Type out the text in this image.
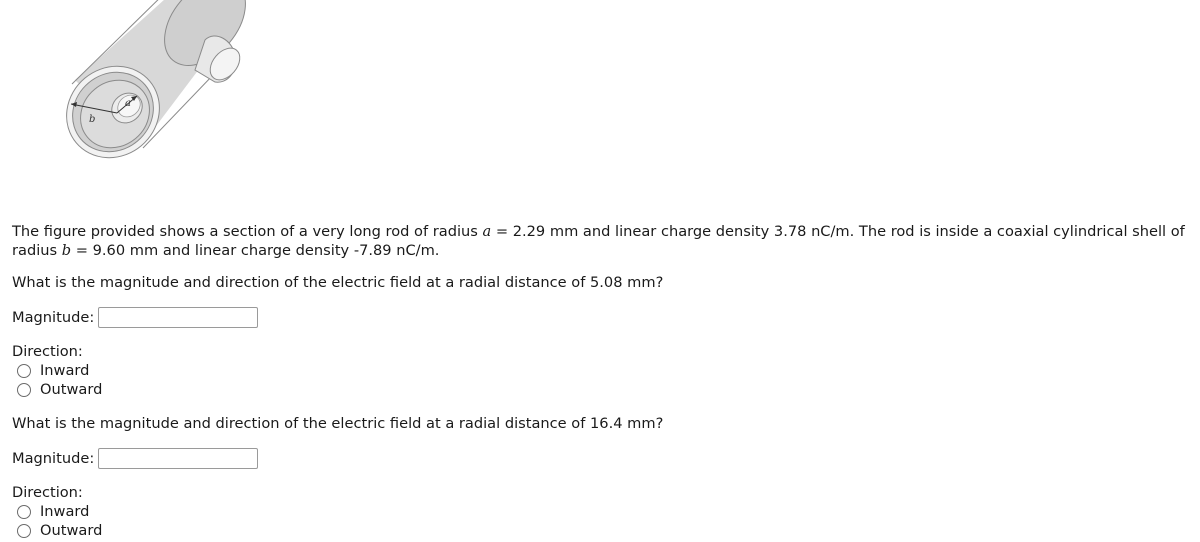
a
b

The figure provided shows a section of a very long rod of radius a = 2.29 mm and linear charge density 3.78 nC/m. The rod is inside a coaxial cylindrical shell of
radius b = 9.60 mm and linear charge density -7.89 nC/m.

What is the magnitude and direction of the electric field at a radial distance of 5.08 mm?

Magnitude:
Direction:
Inward
Outward

What is the magnitude and direction of the electric field at a radial distance of 16.4 mm?

Magnitude:
Direction:
Inward
Outward
